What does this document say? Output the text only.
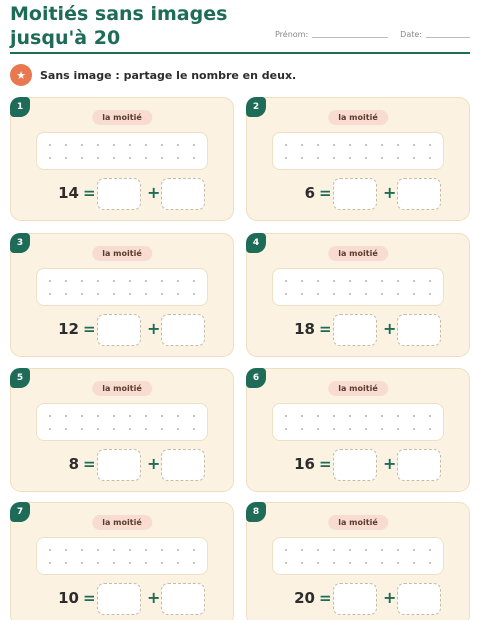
Moitiés sans images jusqu'à 20	Prénom:	Date:
★	Sans image : partage le nombre en deux.
1
la moitié
14 =	+
2
la moitié
6 =	+
3
la moitié
12 =	+
4
la moitié
18 =	+
5
la moitié
8 =	+
6
la moitié
16 =	+
7
la moitié
10 =	+
8
la moitié
20 =	+
